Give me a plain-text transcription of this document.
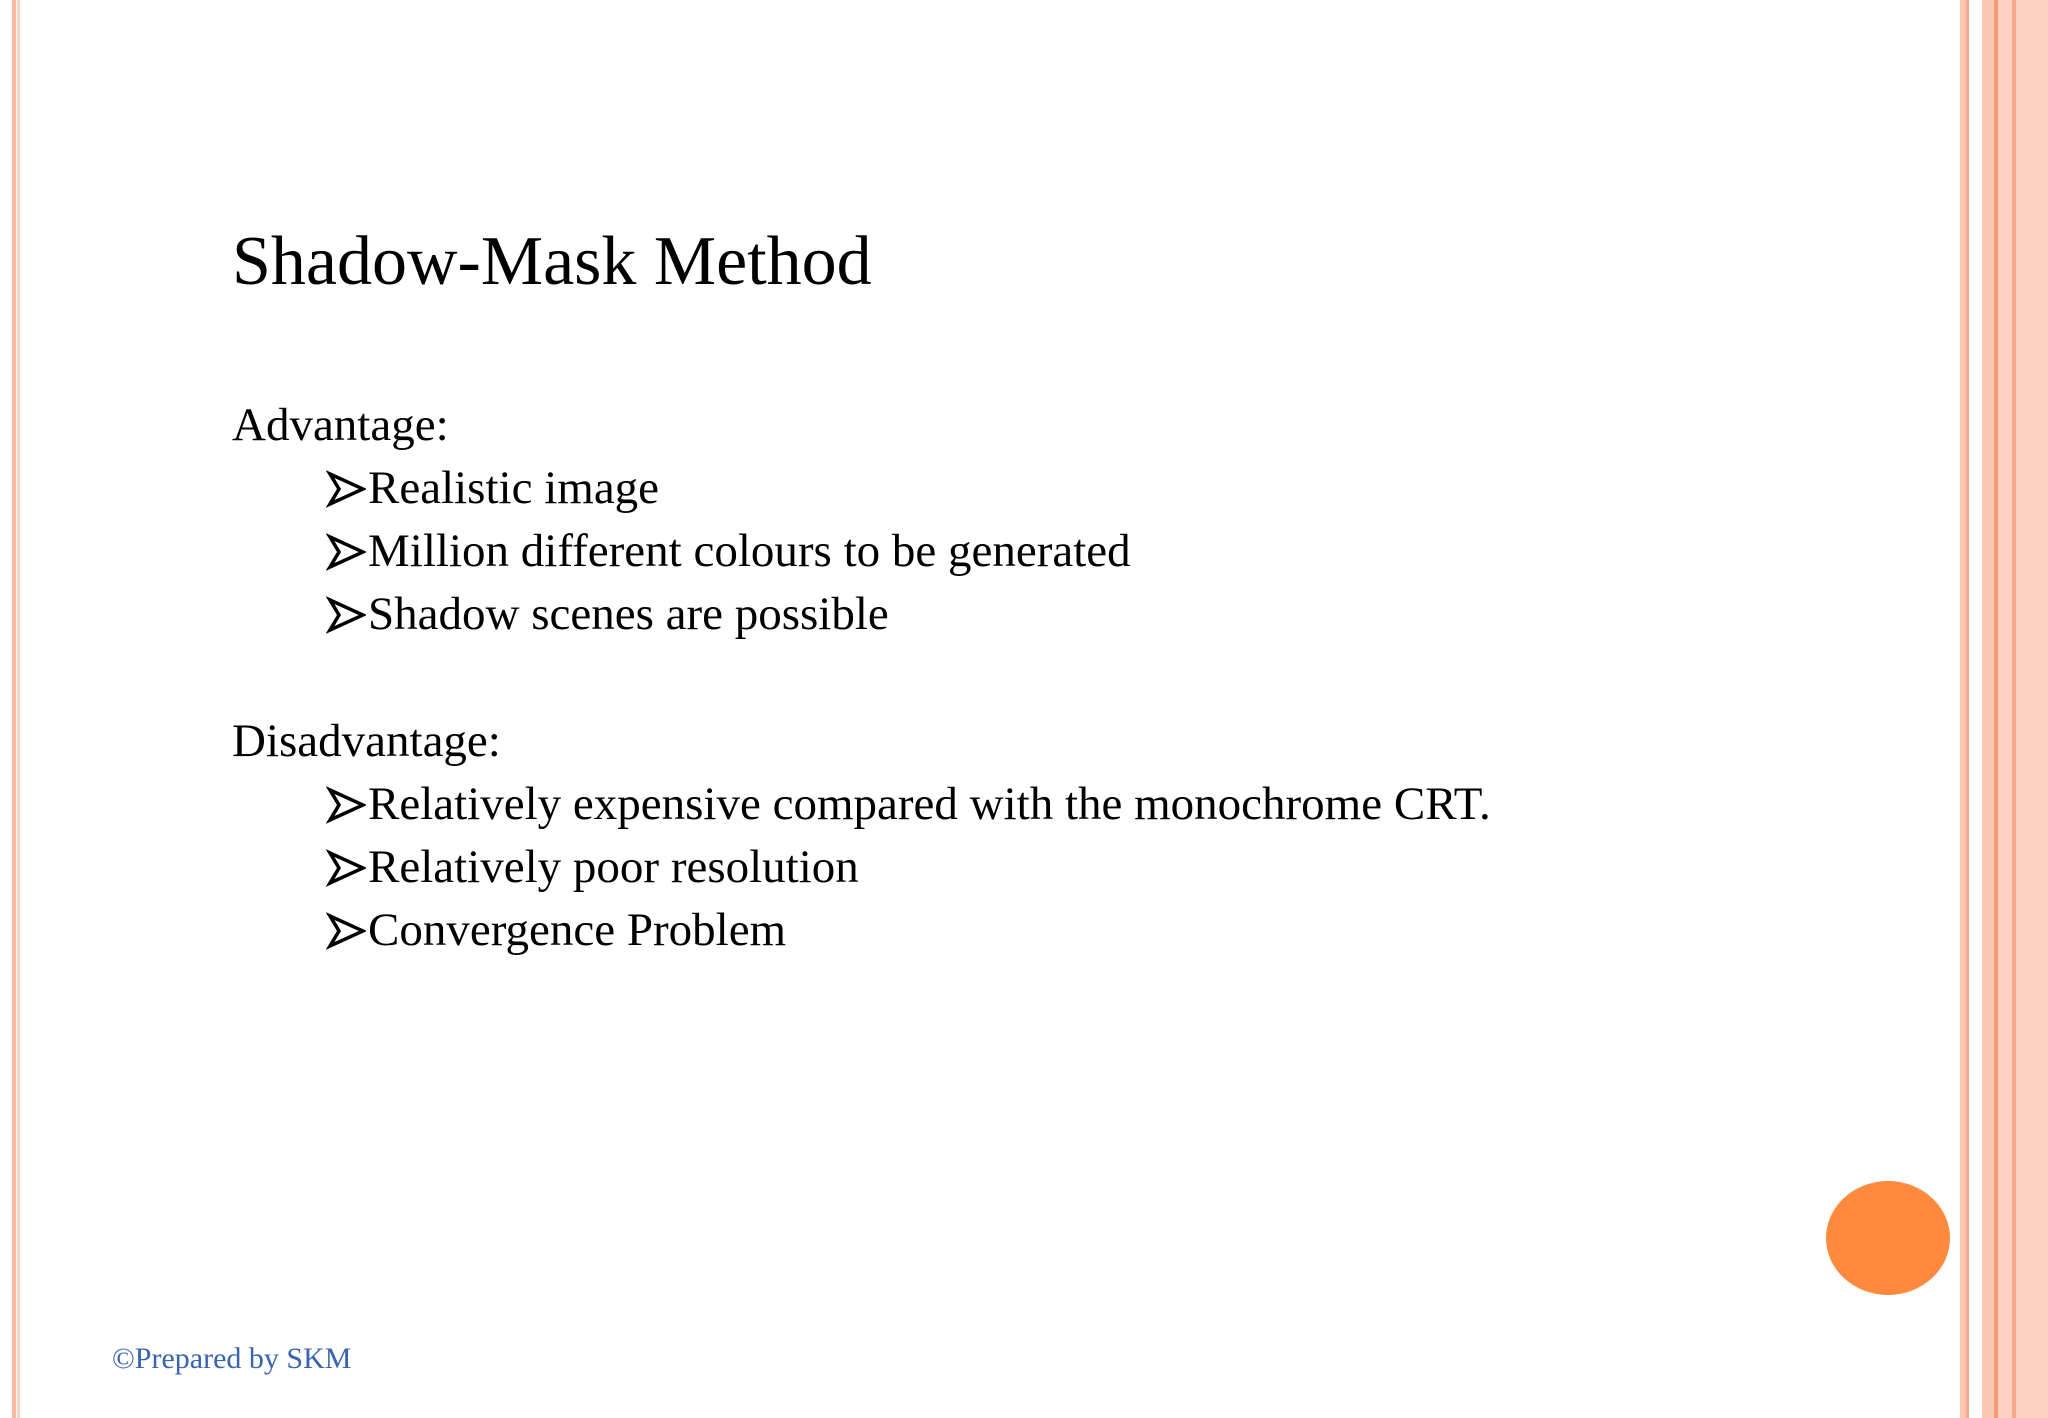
Shadow-Mask Method
Advantage:
Realistic image
Million different colours to be generated
Shadow scenes are possible
Disadvantage:
Relatively expensive compared with the monochrome CRT.
Relatively poor resolution
Convergence Problem
©Prepared by SKM
